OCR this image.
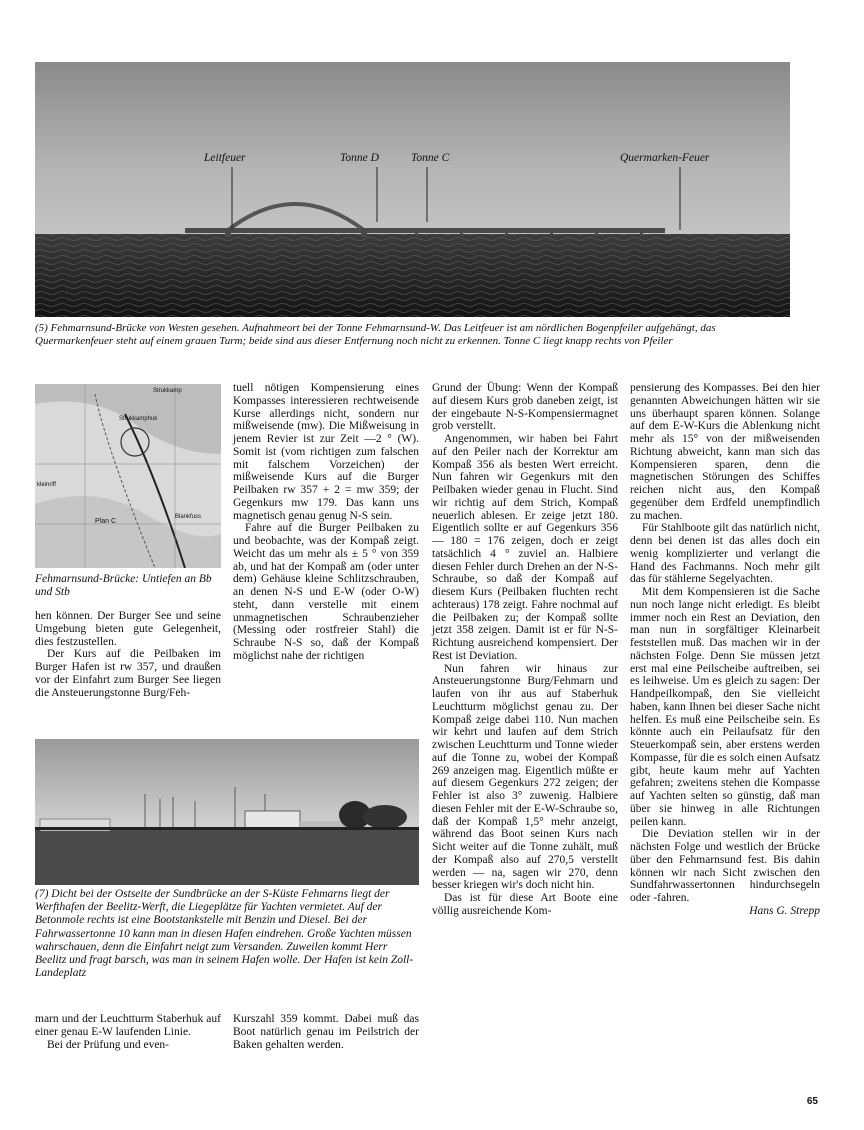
Leitfeuer	Tonne D	Tonne C	Quermarken-Feuer

(5) Fehmarnsund-Brücke von Westen gesehen. Aufnahmeort bei der Tonne Fehmarnsund-W. Das Leitfeuer ist am nördlichen Bogenpfeiler aufgehängt, das Quermarkenfeuer steht auf einem grauen Turm; beide sind aus dieser Entfernung noch nicht zu erkennen. Tonne C liegt knapp rechts von Pfeiler

Strukkamp
Strukkamphuk
kleinriff
Plan C
Blankfuss

Fehmarnsund-Brücke: Untiefen an Bb und Stb

hen können. Der Burger See und seine Umgebung bieten gute Gelegenheit, dies festzustellen.

Der Kurs auf die Peilbaken im Burger Hafen ist rw 357, und draußen vor der Einfahrt zum Burger See liegen die Ansteuerungstonne Burg/Feh-

tuell nötigen Kompensierung eines Kompasses interessieren rechtweisende Kurse allerdings nicht, sondern nur mißweisende (mw). Die Mißweisung in jenem Revier ist zur Zeit —2 ° (W). Somit ist (vom richtigen zum falschen mit falschem Vorzeichen) der mißweisende Kurs auf die Burger Peilbaken rw 357 + 2 = mw 359; der Gegenkurs mw 179. Das kann uns magnetisch genau genug N-S sein.

Fahre auf die Burger Peilbaken zu und beobachte, was der Kompaß zeigt. Weicht das um mehr als ± 5 ° von 359 ab, und hat der Kompaß am (oder unter dem) Gehäuse kleine Schlitzschrauben, an denen N-S und E-W (oder O-W) steht, dann verstelle mit einem unmagnetischen Schraubenzieher (Messing oder rostfreier Stahl) die Schraube N-S so, daß der Kompaß möglichst nahe der richtigen

(7) Dicht bei der Ostseite der Sundbrücke an der S-Küste Fehmarns liegt der Werfthafen der Beelitz-Werft, die Liegeplätze für Yachten vermietet. Auf der Betonmole rechts ist eine Bootstankstelle mit Benzin und Diesel. Bei der Fahrwassertonne 10 kann man in diesen Hafen eindrehen. Große Yachten müssen wahrschauen, denn die Einfahrt neigt zum Versanden. Zuweilen kommt Herr Beelitz und fragt barsch, was man in seinem Hafen wolle. Der Hafen ist kein Zoll-Landeplatz

marn und der Leuchtturm Staberhuk auf einer genau E-W laufenden Linie.

Bei der Prüfung und even-

Kurszahl 359 kommt. Dabei muß das Boot natürlich genau im Peilstrich der Baken gehalten werden.

Grund der Übung: Wenn der Kompaß auf diesem Kurs grob daneben zeigt, ist der eingebaute N-S-Kompensiermagnet grob verstellt.

Angenommen, wir haben bei Fahrt auf den Peiler nach der Korrektur am Kompaß 356 als besten Wert erreicht. Nun fahren wir Gegenkurs mit den Peilbaken wieder genau in Flucht. Sind wir richtig auf dem Strich, Kompaß neuerlich ablesen. Er zeige jetzt 180. Eigentlich sollte er auf Gegenkurs 356 — 180 = 176 zeigen, doch er zeigt tatsächlich 4 ° zuviel an. Halbiere diesen Fehler durch Drehen an der N-S-Schraube, so daß der Kompaß auf diesem Kurs (Peilbaken fluchten recht achteraus) 178 zeigt. Fahre nochmal auf die Peilbaken zu; der Kompaß sollte jetzt 358 zeigen. Damit ist er für N-S-Richtung ausreichend kompensiert. Der Rest ist Deviation.

Nun fahren wir hinaus zur Ansteuerungstonne Burg/Fehmarn und laufen von ihr aus auf Staberhuk Leuchtturm möglichst genau zu. Der Kompaß zeige dabei 110. Nun machen wir kehrt und laufen auf dem Strich zwischen Leuchtturm und Tonne wieder auf die Tonne zu, wobei der Kompaß 269 anzeigen mag. Eigentlich müßte er auf diesem Gegenkurs 272 zeigen; der Fehler ist also 3° zuwenig. Halbiere diesen Fehler mit der E-W-Schraube so, daß der Kompaß 1,5° mehr anzeigt, während das Boot seinen Kurs nach Sicht weiter auf die Tonne zuhält, muß der Kompaß also auf 270,5 verstellt werden — na, sagen wir 270, denn besser kriegen wir's doch nicht hin.

Das ist für diese Art Boote eine völlig ausreichende Kom-

pensierung des Kompasses. Bei den hier genannten Abweichungen hätten wir sie uns überhaupt sparen können. Solange auf dem E-W-Kurs die Ablenkung nicht mehr als 15° von der mißweisenden Richtung abweicht, kann man sich das Kompensieren sparen, denn die magnetischen Störungen des Schiffes reichen nicht aus, den Kompaß gegenüber dem Erdfeld unempfindlich zu machen.

Für Stahlboote gilt das natürlich nicht, denn bei denen ist das alles doch ein wenig komplizierter und verlangt die Hand des Fachmanns. Noch mehr gilt das für stählerne Segelyachten.

Mit dem Kompensieren ist die Sache nun noch lange nicht erledigt. Es bleibt immer noch ein Rest an Deviation, den man nun in sorgfältiger Kleinarbeit feststellen muß. Das machen wir in der nächsten Folge. Denn Sie müssen jetzt erst mal eine Peilscheibe auftreiben, sei es leihweise. Um es gleich zu sagen: Der Handpeilkompaß, den Sie vielleicht haben, kann Ihnen bei dieser Sache nicht helfen. Es muß eine Peilscheibe sein. Es könnte auch ein Peilaufsatz für den Steuerkompaß sein, aber erstens werden Kompasse, für die es solch einen Aufsatz gibt, heute kaum mehr auf Yachten gefahren; zweitens stehen die Kompasse auf Yachten selten so günstig, daß man über sie hinweg in alle Richtungen peilen kann.

Die Deviation stellen wir in der nächsten Folge und westlich der Brücke über den Fehmarnsund fest. Bis dahin können wir nach Sicht zwischen den Sundfahrwassertonnen hindurchsegeln oder -fahren.

Hans G. Strepp

65
